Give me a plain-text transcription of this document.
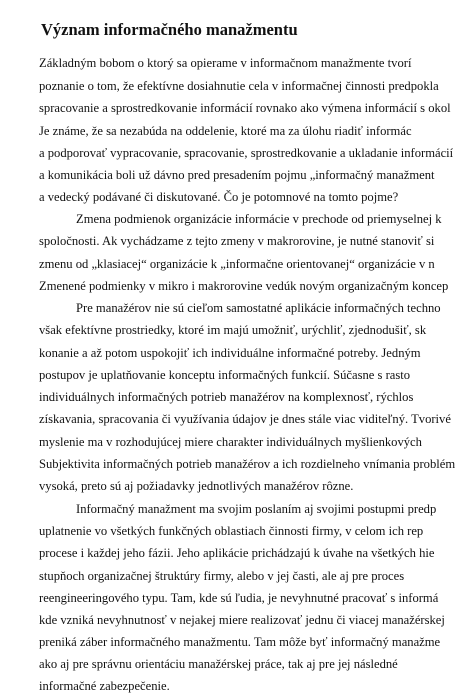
Význam informačného manažmentu
Základným bobom o ktorý sa opierame v informačnom manažmente tvorí
poznanie o tom, že efektívne dosiahnutie cela v informačnej činnosti predpokla
spracovanie a sprostredkovanie informácií rovnako ako výmena informácií s okol
Je známe, že sa nezabúda na oddelenie, ktoré ma za úlohu riadiť informác
a podporovať vypracovanie, spracovanie, sprostredkovanie a ukladanie informácií
a komunikácia boli už dávno pred presadením pojmu „informačný manažment
a vedecký podávané či diskutované. Čo je potomnové na tomto pojme?
Zmena podmienok organizácie informácie v prechode od priemyselnej k
spoločnosti. Ak vychádzame z tejto zmeny v makrorovine, je nutné stanoviť si
zmenu od „klasiacej“ organizácie k „informačne orientovanej“ organizácie v n
Zmenené podmienky v mikro i makrorovine vedúk novým organizačným koncep
Pre manažérov nie sú cieľom samostatné aplikácie informačných techno
však efektívne prostriedky, ktoré im majú umožniť, urýchliť, zjednodušiť, sk
konanie a až potom uspokojiť ich individuálne informačné potreby. Jedným
postupov je uplatňovanie konceptu informačných funkcií. Súčasne s rasto
individuálnych informačných potrieb manažérov na komplexnosť, rýchlos
získavania, spracovania či využívania údajov je dnes stále viac viditeľný. Tvorivé
myslenie ma v rozhodujúcej miere charakter individuálnych myšlienkových
Subjektivita informačných potrieb manažérov a ich rozdielneho vnímania problém
vysoká, preto sú aj požiadavky jednotlivých manažérov rôzne.
Informačný manažment ma svojim poslaním aj svojimi postupmi predp
uplatnenie vo všetkých funkčných oblastiach činnosti firmy, v celom ich rep
procese i každej jeho fázii. Jeho aplikácie prichádzajú k úvahe na všetkých hie
stupňoch organizačnej štruktúry firmy, alebo v jej časti, ale aj pre proces
reengineeringového typu. Tam, kde sú ľudia, je nevyhnutné pracovať s informá
kde vzniká nevyhnutnosť v nejakej miere realizovať jednu či viacej manažérskej
preniká záber informačného manažmentu. Tam môže byť informačný manažme
ako aj pre správnu orientáciu manažérskej práce, tak aj pre jej následné
informačné zabezpečenie.
